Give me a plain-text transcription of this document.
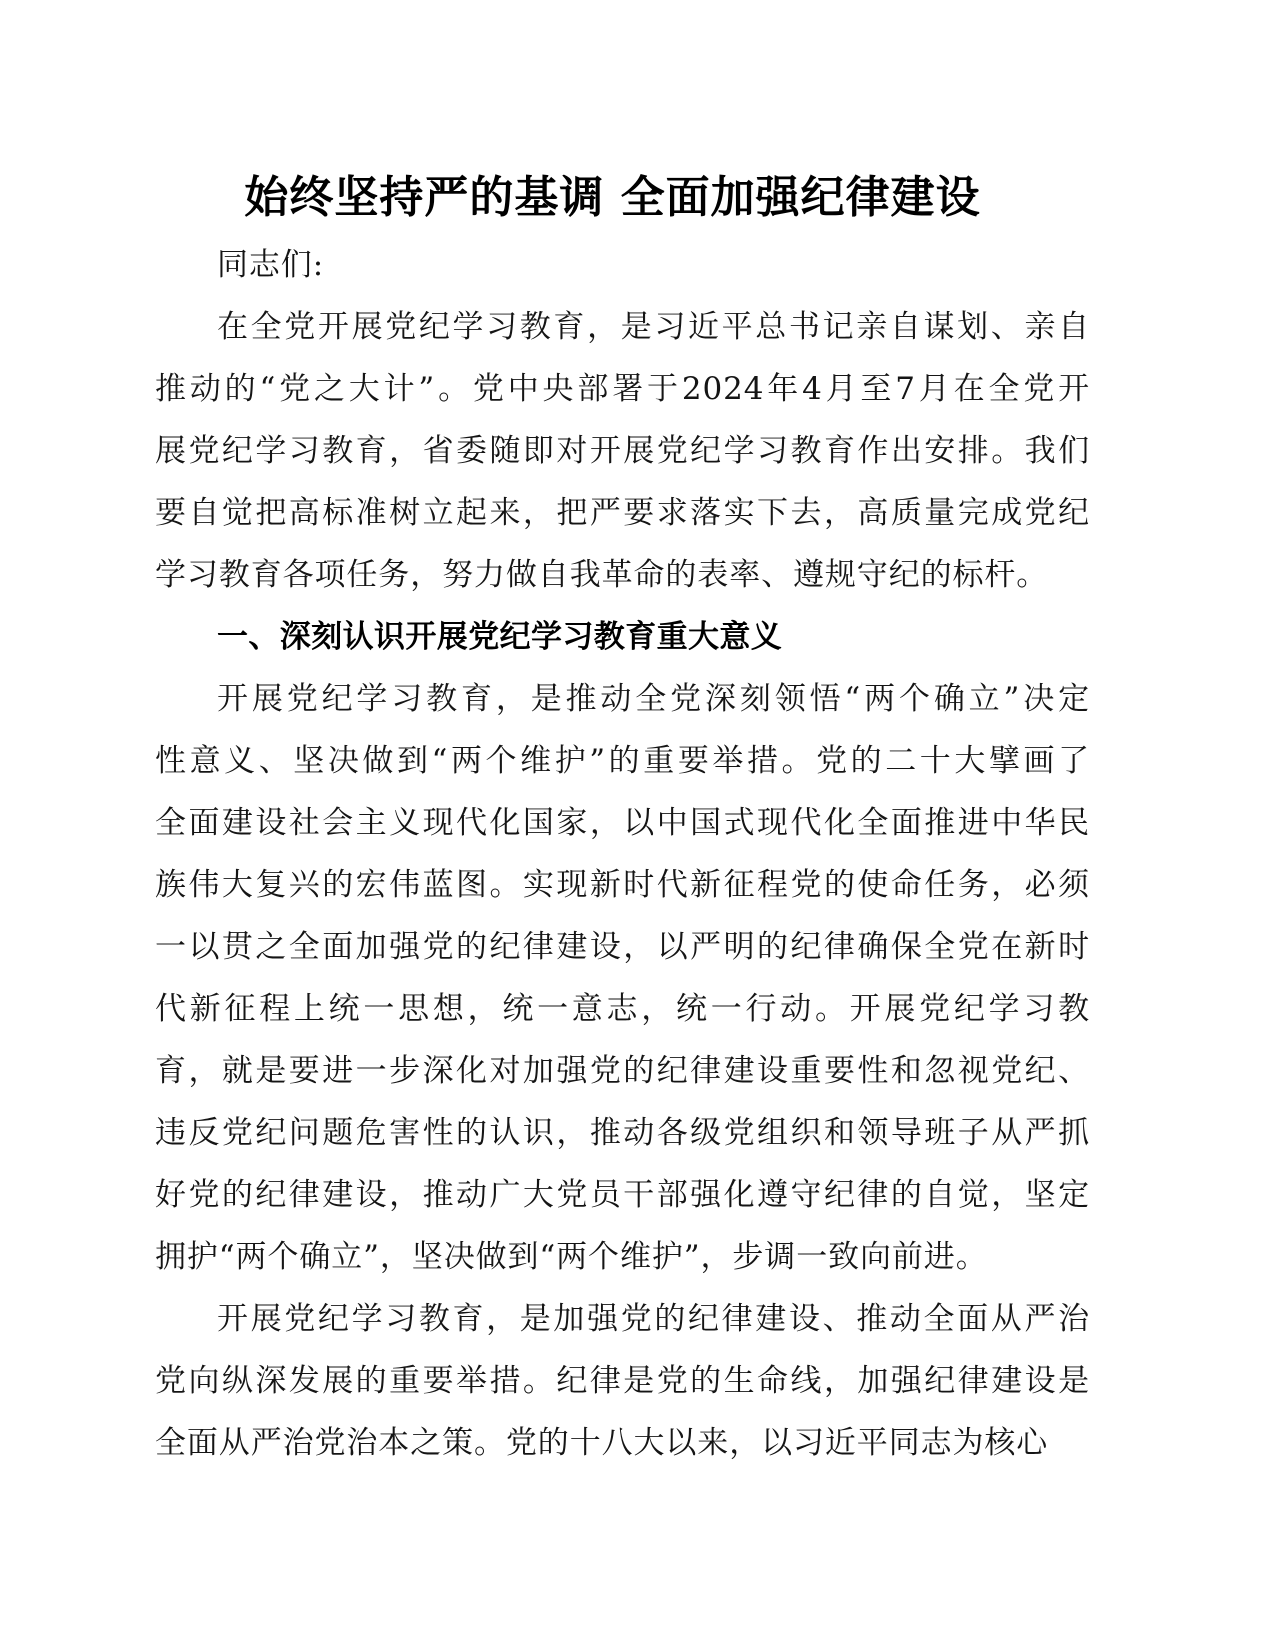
始终坚持严的基调 全面加强纪律建设
同志们:
在全党开展党纪学习教育，是习近平总书记亲自谋划、亲自
推动的“党之大计”。党中央部署于2024年4月至7月在全党开
展党纪学习教育，省委随即对开展党纪学习教育作出安排。我们
要自觉把高标准树立起来，把严要求落实下去，高质量完成党纪
学习教育各项任务，努力做自我革命的表率、遵规守纪的标杆。
一、深刻认识开展党纪学习教育重大意义
开展党纪学习教育，是推动全党深刻领悟“两个确立”决定
性意义、坚决做到“两个维护”的重要举措。党的二十大擘画了
全面建设社会主义现代化国家，以中国式现代化全面推进中华民
族伟大复兴的宏伟蓝图。实现新时代新征程党的使命任务，必须
一以贯之全面加强党的纪律建设，以严明的纪律确保全党在新时
代新征程上统一思想，统一意志，统一行动。开展党纪学习教
育，就是要进一步深化对加强党的纪律建设重要性和忽视党纪、
违反党纪问题危害性的认识，推动各级党组织和领导班子从严抓
好党的纪律建设，推动广大党员干部强化遵守纪律的自觉，坚定
拥护“两个确立”，坚决做到“两个维护”，步调一致向前进。
开展党纪学习教育，是加强党的纪律建设、推动全面从严治
党向纵深发展的重要举措。纪律是党的生命线，加强纪律建设是
全面从严治党治本之策。党的十八大以来，以习近平同志为核心
